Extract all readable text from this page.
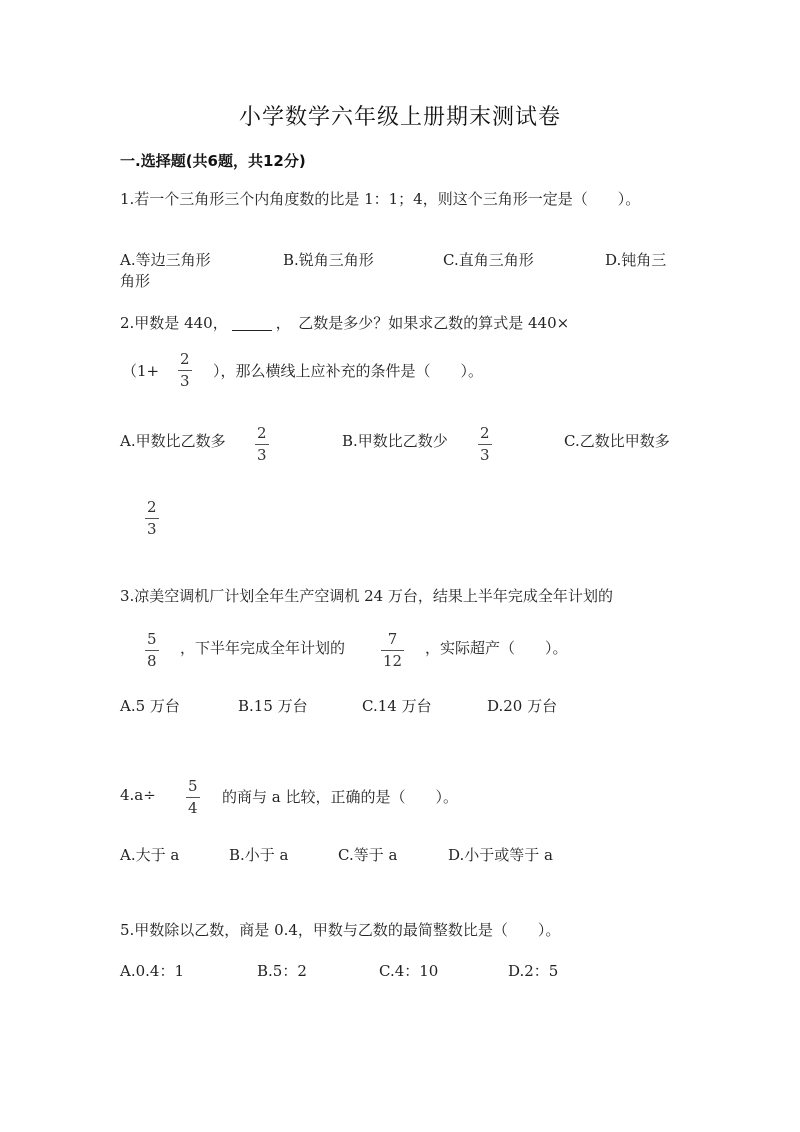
小学数学六年级上册期末测试卷
一.选择题(共6题，共12分)
1.若一个三角形三个内角度数的比是 1：1；4，则这个三角形一定是（　　）。
A.等边三角形	B.锐角三角形	C.直角三角形	D.钝角三
角形
2.甲数是 440，	，　乙数是多少？如果求乙数的算式是 440×
（1+
2
3
），那么横线上应补充的条件是（　　）。
A.甲数比乙数多 2
3
B.甲数比乙数少 2
3
C.乙数比甲数多
2
3
3.凉美空调机厂计划全年生产空调机 24 万台，结果上半年完成全年计划的
5
8
，下半年完成全年计划的	7
12
，实际超产（　　）。
A.5 万台	B.15 万台	C.14 万台	D.20 万台
4.a÷ 5
4
的商与 a 比较，正确的是（　　）。
A.大于 a	B.小于 a	C.等于 a	D.小于或等于 a
5.甲数除以乙数，商是 0.4，甲数与乙数的最简整数比是（　　）。
A.0.4：1	B.5：2	C.4：10	D.2：5
